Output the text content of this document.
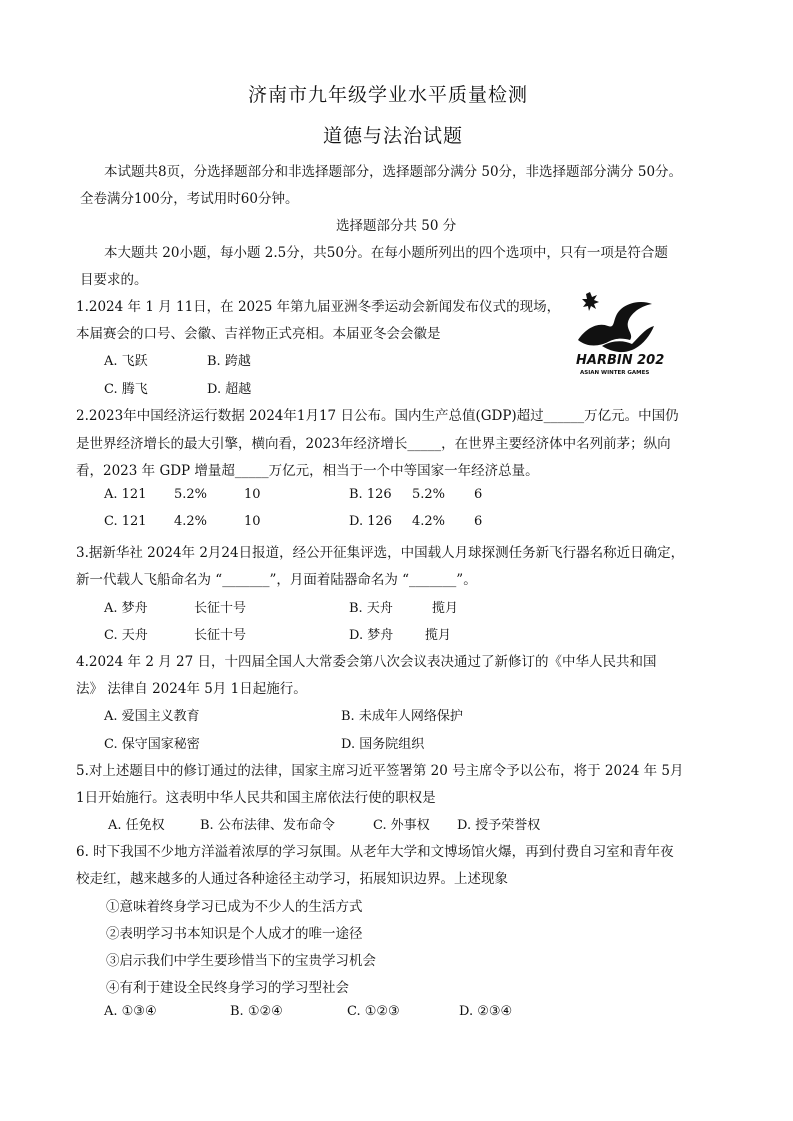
济南市九年级学业水平质量检测
道德与法治试题
本试题共8页，分选择题部分和非选择题部分，选择题部分满分 50分，非选择题部分满分 50分。
全卷满分100分，考试用时60分钟。
选择题部分共 50 分
本大题共 20小题，每小题 2.5分，共50分。在每小题所列出的四个选项中，只有一项是符合题
目要求的。
1.2024 年 1 月 11日，在 2025 年第九届亚洲冬季运动会新闻发布仪式的现场，
本届赛会的口号、会徽、吉祥物正式亮相。本届亚冬会会徽是
A. 飞跃	B. 跨越
C. 腾飞	D. 超越
HARBIN 2025
ASIAN WINTER GAMES
2.2023年中国经济运行数据 2024年1月17 日公布。国内生产总值(GDP)超过______万亿元。中国仍
是世界经济增长的最大引擎，横向看，2023年经济增长_____，在世界主要经济体中名列前茅；纵向
看，2023 年 GDP 增量超_____万亿元，相当于一个中等国家一年经济总量。
A. 121 5.2%	10	B. 126 5.2% 6
C. 121 4.2%	10	D. 126 4.2% 6
3.据新华社 2024年 2月24日报道，经公开征集评选，中国载人月球探测任务新飞行器名称近日确定，
新一代载人飞船命名为 “_______”，月面着陆器命名为 “_______”。
A. 梦舟	长征十号	B. 天舟	揽月
C. 天舟	长征十号	D. 梦舟 揽月
4.2024 年 2 月 27 日，十四届全国人大常委会第八次会议表决通过了新修订的《中华人民共和国
法》 法律自 2024年 5月 1日起施行。
A. 爱国主义教育	B. 未成年人网络保护
C. 保守国家秘密	D. 国务院组织
5.对上述题目中的修订通过的法律，国家主席习近平签署第 20 号主席令予以公布，将于 2024 年 5月
1日开始施行。这表明中华人民共和国主席依法行使的职权是
A. 任免权	B. 公布法律、发布命令	C. 外事权 D. 授予荣誉权
6. 时下我国不少地方洋溢着浓厚的学习氛围。从老年大学和文博场馆火爆，再到付费自习室和青年夜
校走红，越来越多的人通过各种途径主动学习，拓展知识边界。上述现象
①意味着终身学习已成为不少人的生活方式
②表明学习书本知识是个人成才的唯一途径
③启示我们中学生要珍惜当下的宝贵学习机会
④有利于建设全民终身学习的学习型社会
A. ①③④	B. ①②④	C. ①②③	D. ②③④
